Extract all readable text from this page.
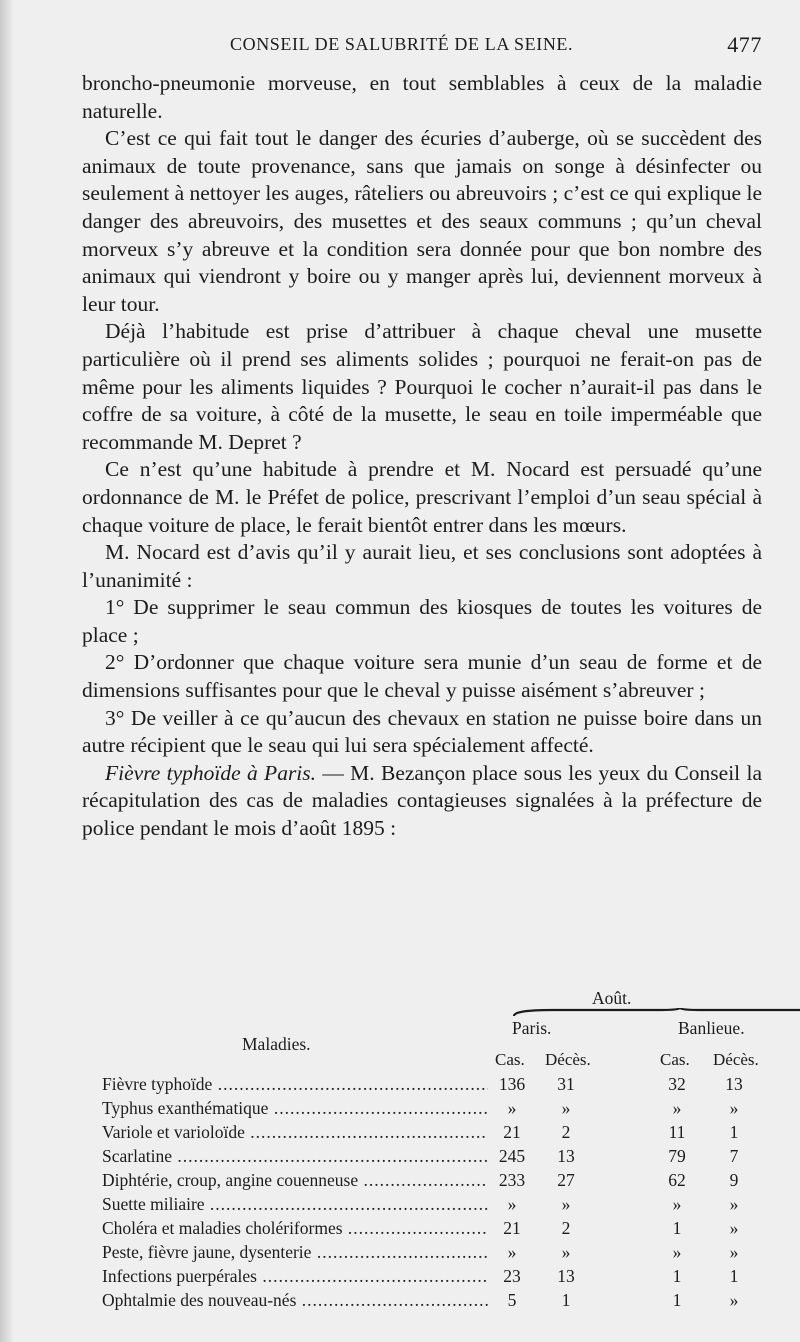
CONSEIL DE SALUBRITÉ DE LA SEINE.	477

broncho-pneumonie morveuse, en tout semblables à ceux de la maladie naturelle.

C’est ce qui fait tout le danger des écuries d’auberge, où se succèdent des animaux de toute provenance, sans que jamais on songe à désinfecter ou seulement à nettoyer les auges, râteliers ou abreuvoirs ; c’est ce qui explique le danger des abreuvoirs, des musettes et des seaux communs ; qu’un cheval morveux s’y abreuve et la condition sera donnée pour que bon nombre des animaux qui viendront y boire ou y manger après lui, deviennent morveux à leur tour.

Déjà l’habitude est prise d’attribuer à chaque cheval une musette particulière où il prend ses aliments solides ; pourquoi ne ferait-on pas de même pour les aliments liquides ? Pourquoi le cocher n’aurait-il pas dans le coffre de sa voiture, à côté de la musette, le seau en toile imperméable que recommande M. Depret ?

Ce n’est qu’une habitude à prendre et M. Nocard est persuadé qu’une ordonnance de M. le Préfet de police, prescrivant l’emploi d’un seau spécial à chaque voiture de place, le ferait bientôt entrer dans les mœurs.

M. Nocard est d’avis qu’il y aurait lieu, et ses conclusions sont adoptées à l’unanimité :

1° De supprimer le seau commun des kiosques de toutes les voitures de place ;

2° D’ordonner que chaque voiture sera munie d’un seau de forme et de dimensions suffisantes pour que le cheval y puisse aisément s’abreuver ;

3° De veiller à ce qu’aucun des chevaux en station ne puisse boire dans un autre récipient que le seau qui lui sera spécialement affecté.

Fièvre typhoïde à Paris. — M. Bezançon place sous les yeux du Conseil la récapitulation des cas de maladies contagieuses signalées à la préfecture de police pendant le mois d’août 1895 :

Août.
Maladies.
Paris.	Banlieue.
Cas. Décès.	Cas. Décès.
Fièvre typhoïde .....	136	31	32	13
Typhus exanthématique .....	»	»	»	»
Variole et varioloïde .....	21	2	11	1
Scarlatine .....	245	13	79	7
Diphtérie, croup, angine couenneuse .....	233	27	62	9
Suette miliaire .....	»	»	»	»
Choléra et maladies cholériformes .....	21	2	1	»
Peste, fièvre jaune, dysenterie .....	»	»	»	»
Infections puerpérales .....	23	13	1	1
Ophtalmie des nouveau-nés .....	5	1	1	»
